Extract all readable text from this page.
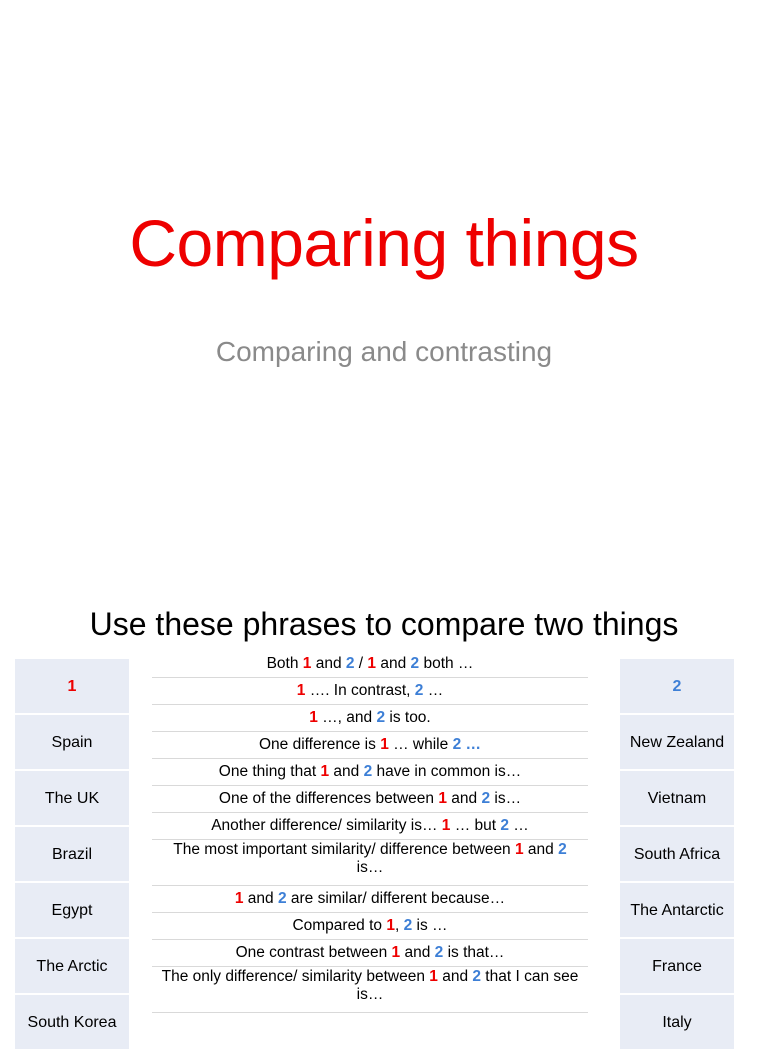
Comparing things
Comparing and contrasting
Use these phrases to compare two things
1
Spain
The UK
Brazil
Egypt
The Arctic
South Korea
Both 1 and 2 / 1 and 2 both …
1 …. In contrast, 2 …
1 …, and 2 is too.
One difference is 1 … while 2 …
One thing that 1 and 2 have in common is…
One of the differences between 1 and 2 is…
Another difference/ similarity is… 1 … but 2 …
The most important similarity/ difference between 1 and 2 is…
1 and 2 are similar/ different because…
Compared to 1, 2 is …
One contrast between 1 and 2 is that…
The only difference/ similarity between 1 and 2 that I can see is…
2
New Zealand
Vietnam
South Africa
The Antarctic
France
Italy
